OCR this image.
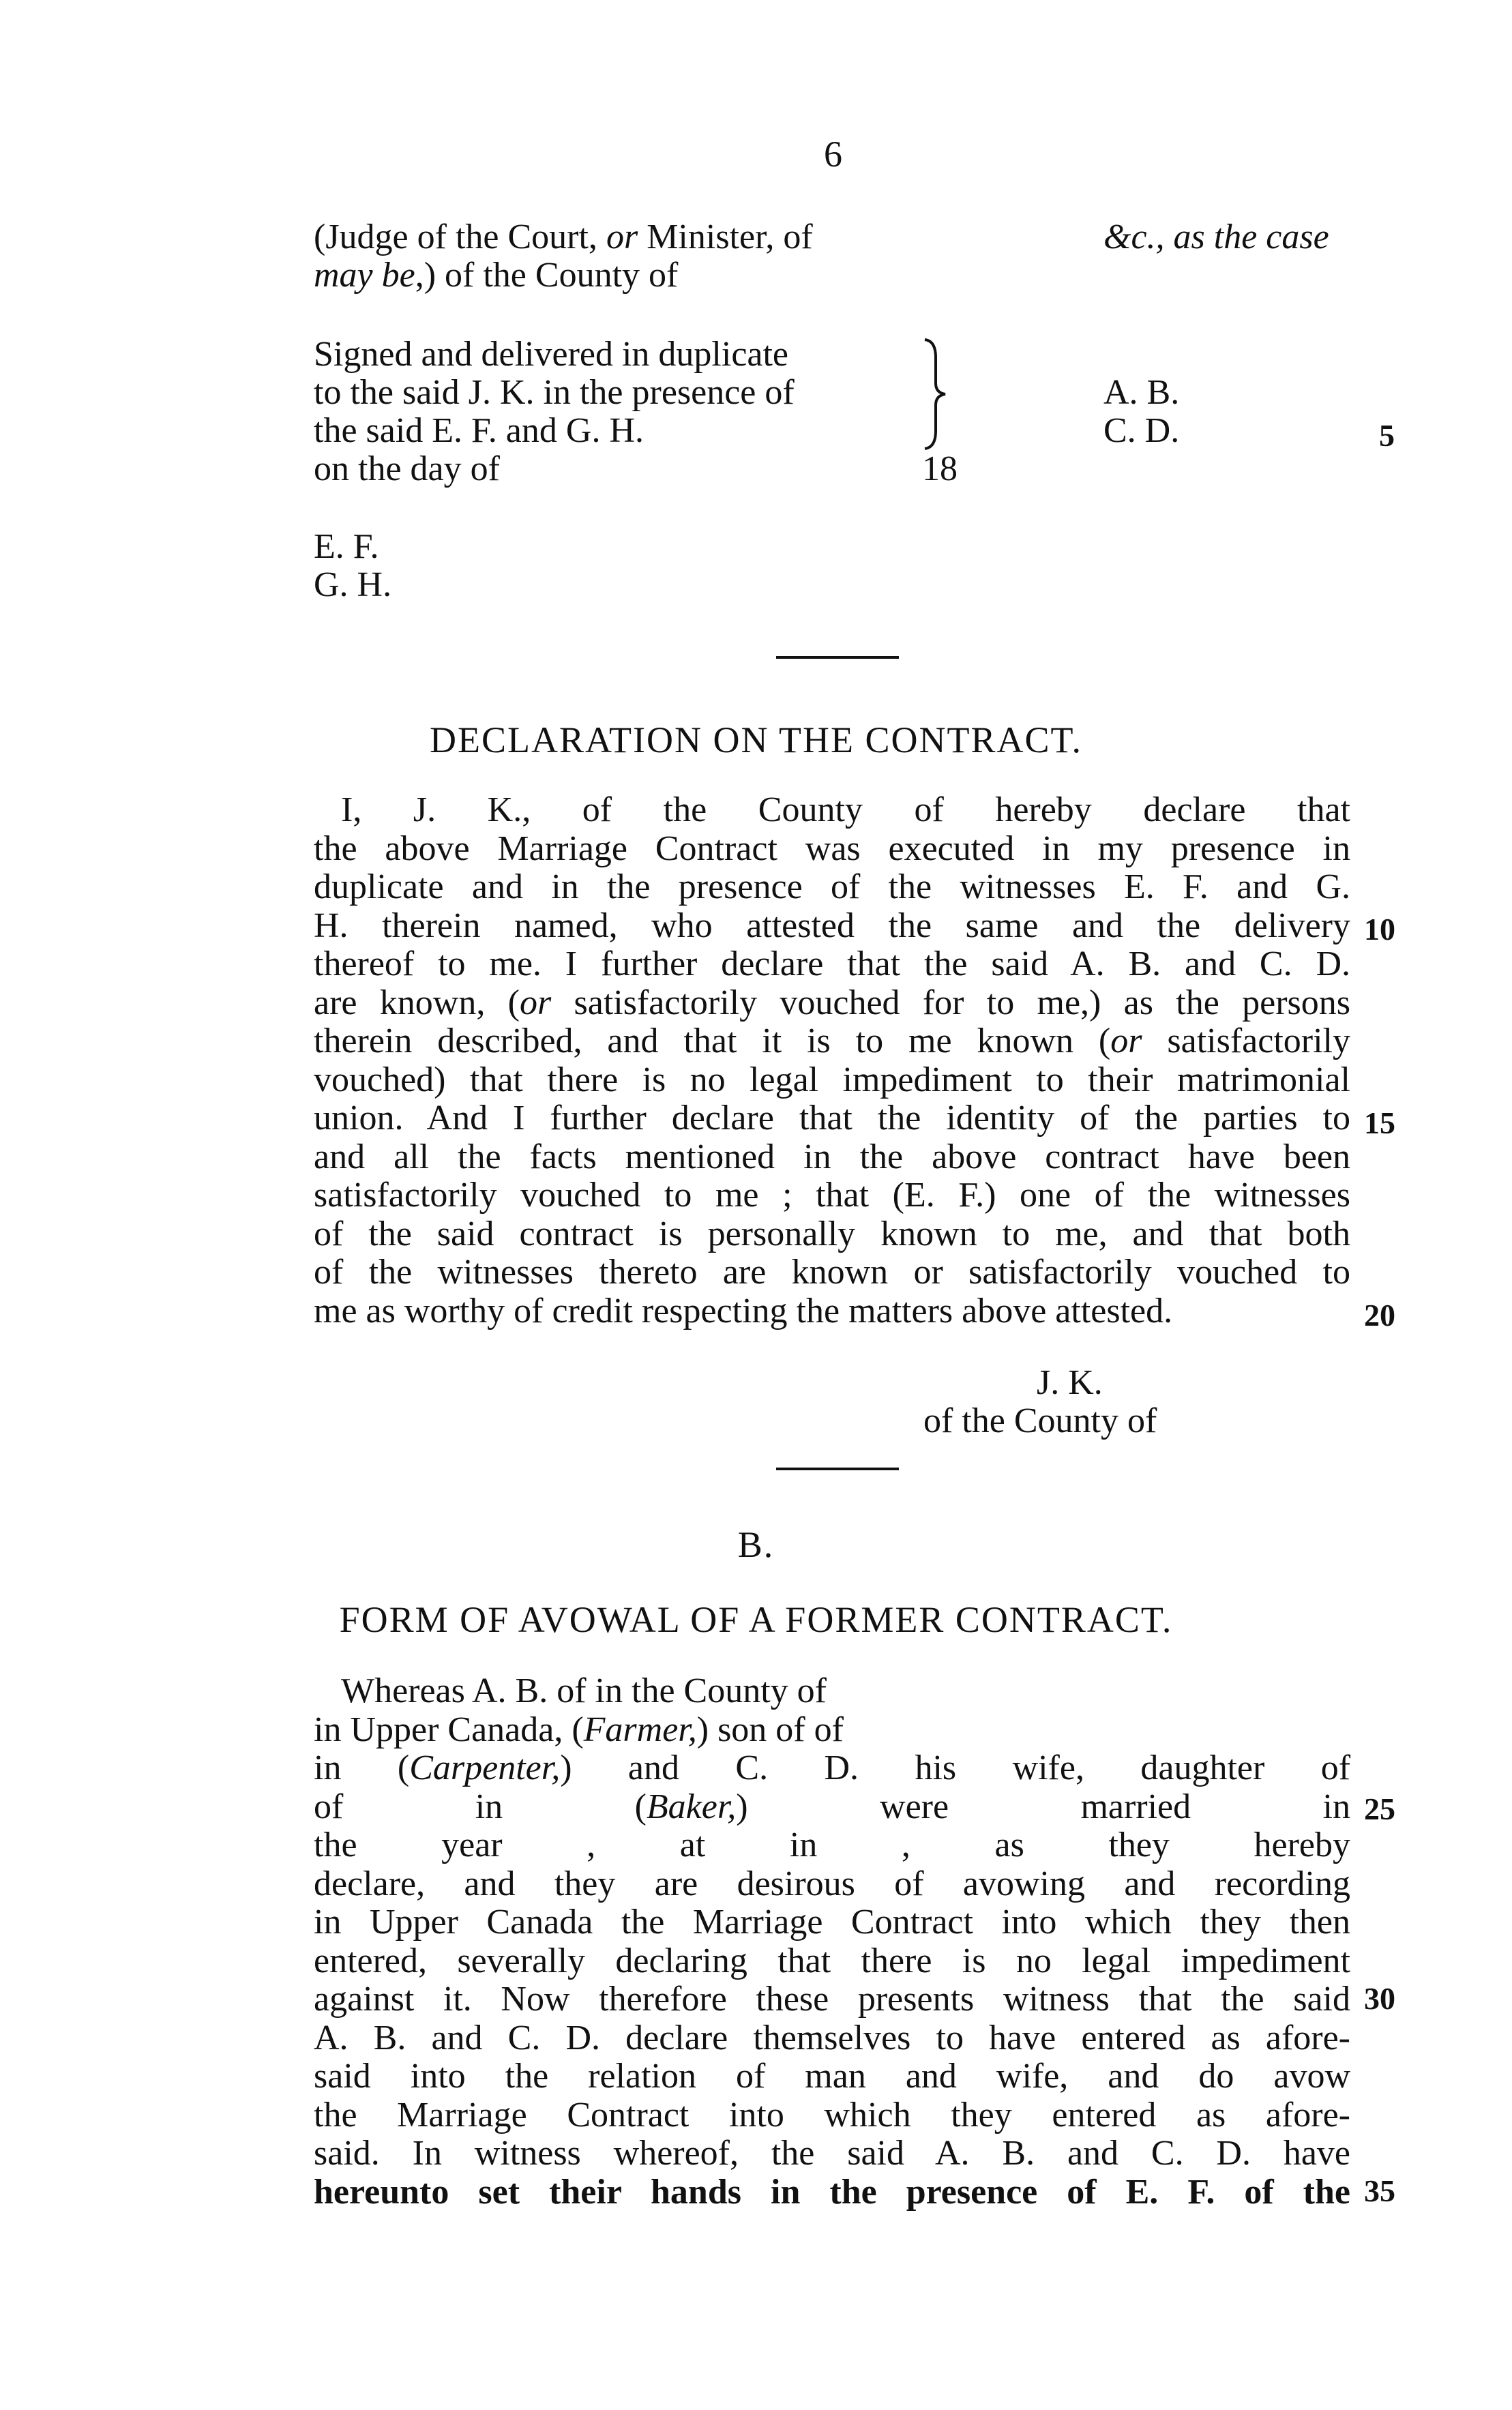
6
(Judge of the Court, or Minister, of	&c., as the case
may be,) of the County of
Signed and delivered in duplicate
to the said J. K. in the presence of
the said E. F. and G. H.
on the day of	18
A. B.
C. D.	5
E. F.
G. H.
DECLARATION ON THE CONTRACT.
I, J. K., of the County of hereby declare that
the above Marriage Contract was executed in my presence in
duplicate and in the presence of the witnesses E. F. and G.
H. therein named, who attested the same and the delivery
thereof to me. I further declare that the said A. B. and C. D.
are known, (or satisfactorily vouched for to me,) as the persons
therein described, and that it is to me known (or satisfactorily
vouched) that there is no legal impediment to their matrimonial
union. And I further declare that the identity of the parties to
and all the facts mentioned in the above contract have been
satisfactorily vouched to me ; that (E. F.) one of the witnesses
of the said contract is personally known to me, and that both
of the witnesses thereto are known or satisfactorily vouched to
me as worthy of credit respecting the matters above attested.
10
15
20
J. K.
of the County of
B.
FORM OF AVOWAL OF A FORMER CONTRACT.
Whereas A. B. of in the County of
in Upper Canada, (Farmer,) son of of
in (Carpenter,) and C. D. his wife, daughter of
of in (Baker,) were married in
the year , at in , as they hereby
declare, and they are desirous of avowing and recording
in Upper Canada the Marriage Contract into which they then
entered, severally declaring that there is no legal impediment
against it. Now therefore these presents witness that the said
A. B. and C. D. declare themselves to have entered as afore-
said into the relation of man and wife, and do avow
the Marriage Contract into which they entered as afore-
said. In witness whereof, the said A. B. and C. D. have
hereunto set their hands in the presence of E. F. of the
25
30
35
